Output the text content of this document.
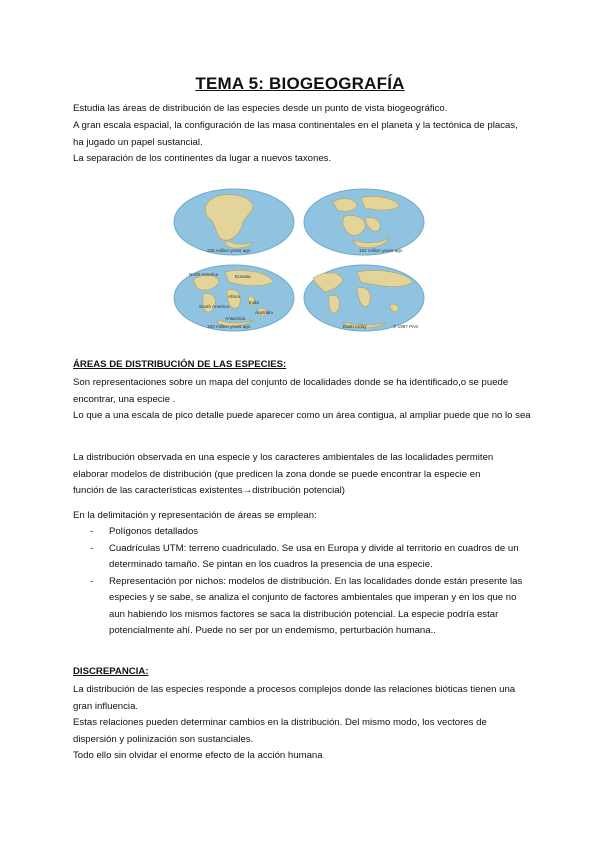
TEMA 5: BIOGEOGRAFÍA

Estudia las áreas de distribución de las especies desde un punto de vista biogeográfico.

A gran escala espacial, la configuración de las masa continentales en el planeta y la tectónica de placas, ha jugado un papel sustancial.

La separación de los continentes da lugar a nuevos taxones.

225 million years ago	152 million years ago
North America	Eurasia
Africa
South America
India
Australia
Antarctica
100 million years ago	Earth today	© 1997 PAS

ÁREAS DE DISTRIBUCIÓN DE LAS ESPECIES:

Son representaciones sobre un mapa del conjunto de localidades donde se ha identificado,o se puede encontrar, una especie .

Lo que a una escala de pico detalle puede aparecer como un área contigua, al ampliar puede que no lo sea

La distribución observada en una especie y los caracteres ambientales de las localidades permiten elaborar modelos de distribución (que predicen la zona donde se puede encontrar la especie en función de las características existentes→distribución potencial)

En la delimitación y representación de áreas se emplean:

- Polígonos detallados
- Cuadrículas UTM: terreno cuadriculado. Se usa en Europa y divide al territorio en cuadros de un determinado tamaño. Se pintan en los cuadros la presencia de una especie.
- Representación por nichos: modelos de distribución. En las localidades donde están presente las especies y se sabe, se analiza el conjunto de factores ambientales que imperan y en los que no aun habiendo los mismos factores se saca la distribución potencial. La especie podría estar potencialmente ahí. Puede no ser por un endemismo, perturbación humana..

DISCREPANCIA:

La distribución de las especies responde a procesos complejos donde las relaciones bióticas tienen una gran influencia.

Estas relaciones pueden determinar cambios en la distribución. Del mismo modo, los vectores de dispersión y polinización son sustanciales.

Todo ello sin olvidar el enorme efecto de la acción humana
